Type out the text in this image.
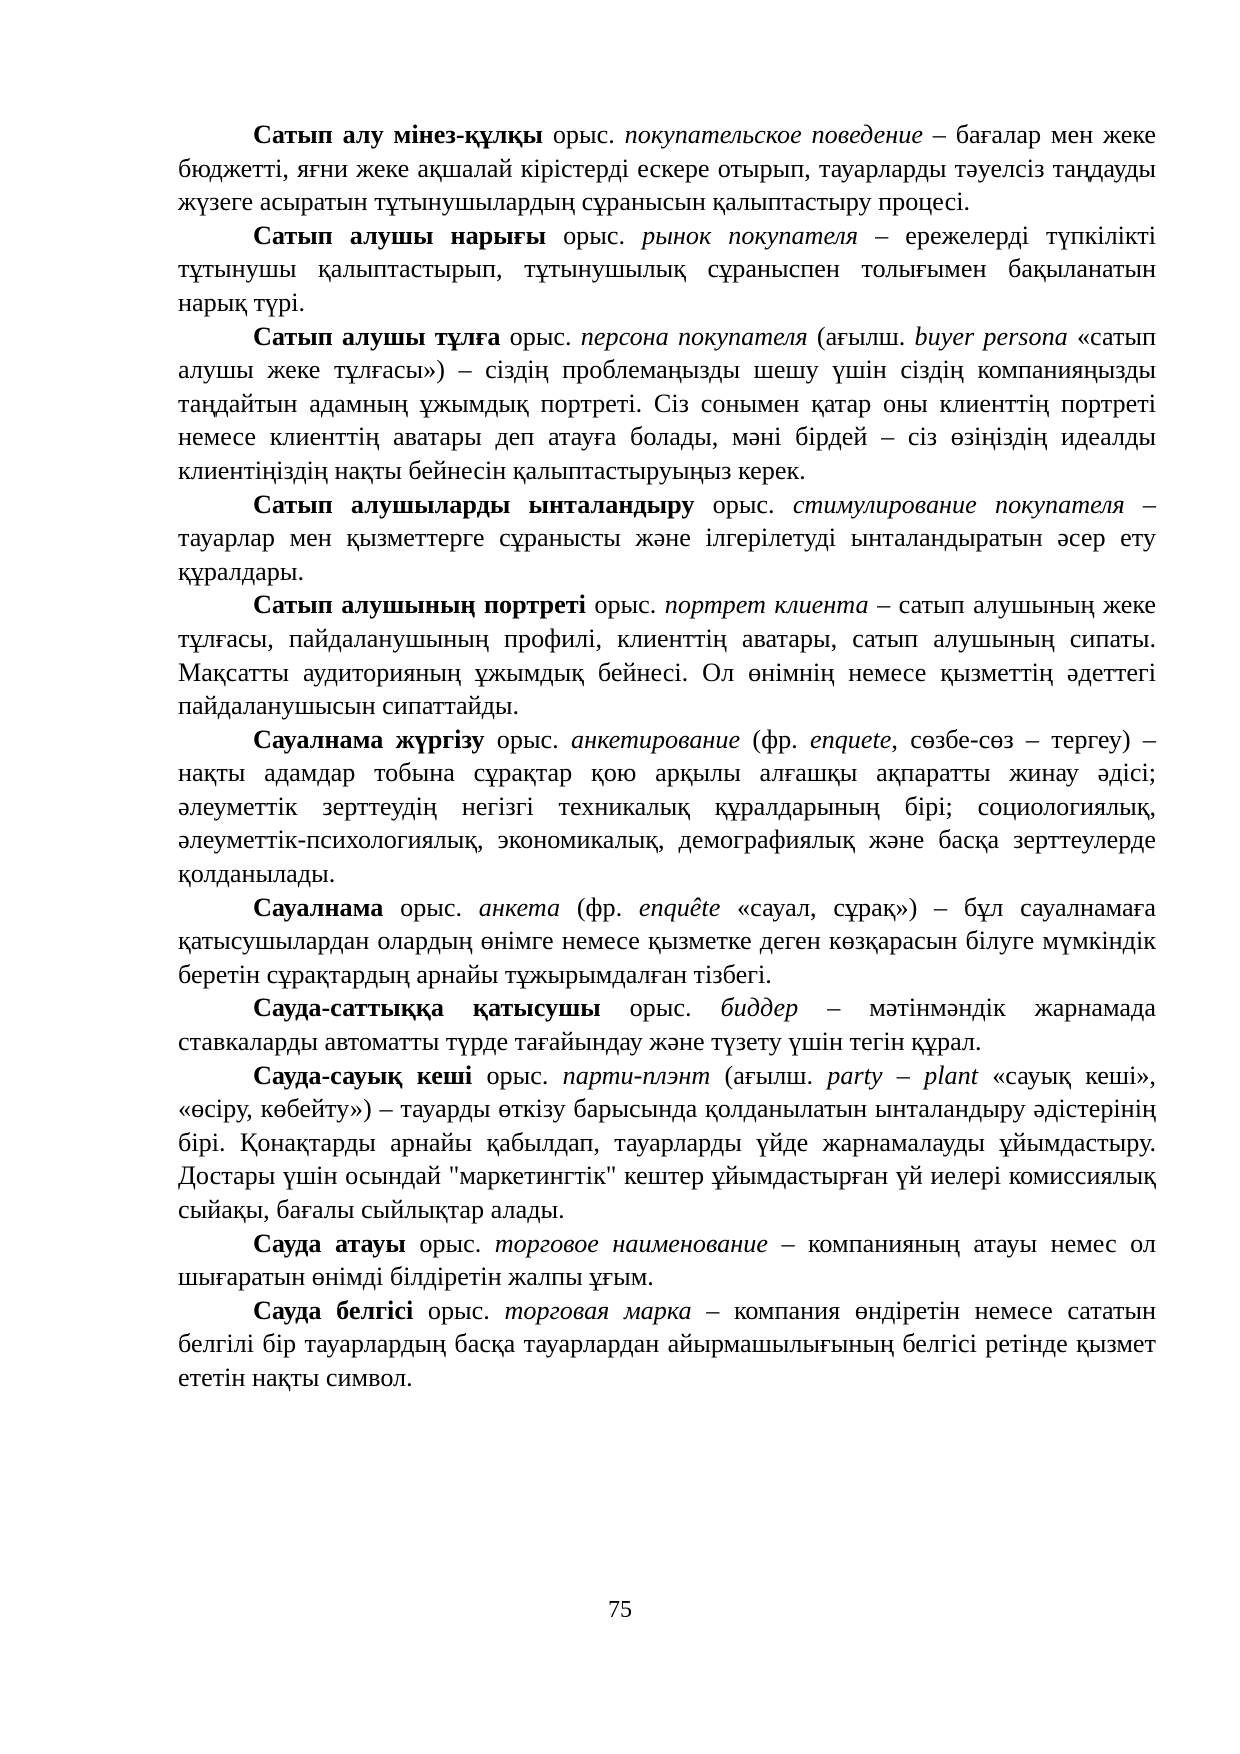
Сатып алу мінез-құлқы орыс. покупательское поведение – бағалар мен жеке бюджетті, яғни жеке ақшалай кірістерді ескере отырып, тауарларды тәуелсіз таңдауды жүзеге асыратын тұтынушылардың сұранысын қалыптастыру процесі.

Сатып алушы нарығы орыс. рынок покупателя – ережелерді түпкілікті тұтынушы қалыптастырып, тұтынушылық сұраныспен толығымен бақыланатын нарық түрі.

Сатып алушы тұлға орыс. персона покупателя (ағылш. buyer persona «сатып алушы жеке тұлғасы») – сіздің проблемаңызды шешу үшін сіздің компанияңызды таңдайтын адамның ұжымдық портреті. Сіз сонымен қатар оны клиенттің портреті немесе клиенттің аватары деп атауға болады, мәні бірдей – сіз өзіңіздің идеалды клиентіңіздің нақты бейнесін қалыптастыруыңыз керек.

Сатып алушыларды ынталандыру орыс. стимулирование покупателя – тауарлар мен қызметтерге сұранысты және ілгерілетуді ынталандыратын әсер ету құралдары.

Сатып алушының портреті орыс. портрет клиента – сатып алушының жеке тұлғасы, пайдаланушының профилі, клиенттің аватары, сатып алушының сипаты. Мақсатты аудиторияның ұжымдық бейнесі. Ол өнімнің немесе қызметтің әдеттегі пайдаланушысын сипаттайды.

Сауалнама жүргізу орыс. анкетирование (фр. enquete, сөзбе-сөз – тергеу) – нақты адамдар тобына сұрақтар қою арқылы алғашқы ақпаратты жинау әдісі; әлеуметтік зерттеудің негізгі техникалық құралдарының бірі; социологиялық, әлеуметтік-психологиялық, экономикалық, демографиялық және басқа зерттеулерде қолданылады.

Сауалнама орыс. анкета (фр. enquête «сауал, сұрақ») – бұл сауалнамаға қатысушылардан олардың өнімге немесе қызметке деген көзқарасын білуге мүмкіндік беретін сұрақтардың арнайы тұжырымдалған тізбегі.

Сауда-саттыққа қатысушы орыс. биддер – мәтінмәндік жарнамада ставкаларды автоматты түрде тағайындау және түзету үшін тегін құрал.

Сауда-сауық кеші орыс. парти-плэнт (ағылш. party – plant «сауық кеші», «өсіру, көбейту») – тауарды өткізу барысында қолданылатын ынталандыру әдістерінің бірі. Қонақтарды арнайы қабылдап, тауарларды үйде жарнамалауды ұйымдастыру. Достары үшін осындай "маркетингтік" кештер ұйымдастырған үй иелері комиссиялық сыйақы, бағалы сыйлықтар алады.

Сауда атауы орыс. торговое наименование – компанияның атауы немес ол шығаратын өнімді білдіретін жалпы ұғым.

Сауда белгісі орыс. торговая марка – компания өндіретін немесе сататын белгілі бір тауарлардың басқа тауарлардан айырмашылығының белгісі ретінде қызмет ететін нақты символ.

75
